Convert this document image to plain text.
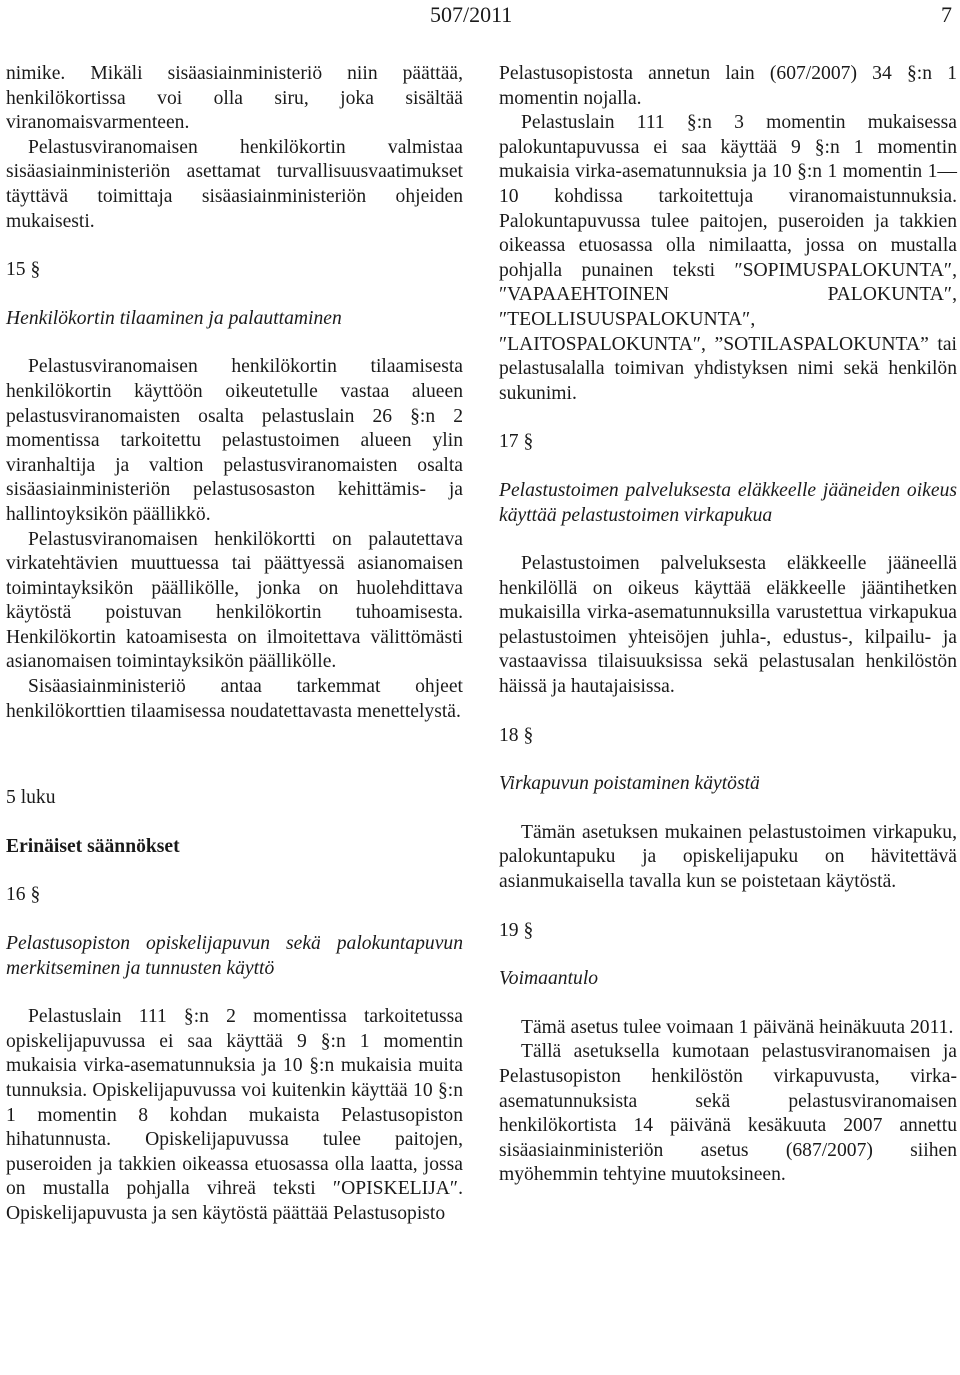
507/2011	7

nimike. Mikäli sisäasiainministeriö niin päättää, henkilökortissa voi olla siru, joka sisältää viranomaisvarmenteen.

Pelastusviranomaisen henkilökortin valmistaa sisäasiainministeriön asettamat turvallisuusvaatimukset täyttävä toimittaja sisäasiainministeriön ohjeiden mukaisesti.

15 §

Henkilökortin tilaaminen ja palauttaminen

Pelastusviranomaisen henkilökortin tilaamisesta henkilökortin käyttöön oikeutetulle vastaa alueen pelastusviranomaisten osalta pelastuslain 26 §:n 2 momentissa tarkoitettu pelastustoimen alueen ylin viranhaltija ja valtion pelastusviranomaisten osalta sisäasiainministeriön pelastusosaston kehittämis- ja hallintoyksikön päällikkö.

Pelastusviranomaisen henkilökortti on palautettava virkatehtävien muuttuessa tai päättyessä asianomaisen toimintayksikön päällikölle, jonka on huolehdittava käytöstä poistuvan henkilökortin tuhoamisesta. Henkilökortin katoamisesta on ilmoitettava välittömästi asianomaisen toimintayksikön päällikölle.

Sisäasiainministeriö antaa tarkemmat ohjeet henkilökorttien tilaamisessa noudatettavasta menettelystä.

5 luku

Erinäiset säännökset

16 §

Pelastusopiston opiskelijapuvun sekä palokuntapuvun merkitseminen ja tunnusten käyttö

Pelastuslain 111 §:n 2 momentissa tarkoitetussa opiskelijapuvussa ei saa käyttää 9 §:n 1 momentin mukaisia virka-asematunnuksia ja 10 §:n mukaisia muita tunnuksia. Opiskelijapuvussa voi kuitenkin käyttää 10 §:n 1 momentin 8 kohdan mukaista Pelastusopiston hihatunnusta. Opiskelijapuvussa tulee paitojen, puseroiden ja takkien oikeassa etuosassa olla laatta, jossa on mustalla pohjalla vihreä teksti ″OPISKELIJA″. Opiskelijapuvusta ja sen käytöstä päättää Pelastusopisto

Pelastusopistosta annetun lain (607/2007) 34 §:n 1 momentin nojalla.

Pelastuslain 111 §:n 3 momentin mukaisessa palokuntapuvussa ei saa käyttää 9 §:n 1 momentin mukaisia virka-asematunnuksia ja 10 §:n 1 momentin 1—10 kohdissa tarkoitettuja viranomaistunnuksia. Palokuntapuvussa tulee paitojen, puseroiden ja takkien oikeassa etuosassa olla nimilaatta, jossa on mustalla pohjalla punainen teksti ″SOPIMUSPALOKUNTA″, ″VAPAAEHTOINEN PALOKUNTA″, ″TEOLLISUUSPALOKUNTA″, ″LAITOSPALOKUNTA″, ”SOTILASPALOKUNTA” tai pelastusalalla toimivan yhdistyksen nimi sekä henkilön sukunimi.

17 §

Pelastustoimen palveluksesta eläkkeelle jääneiden oikeus käyttää pelastustoimen virkapukua

Pelastustoimen palveluksesta eläkkeelle jääneellä henkilöllä on oikeus käyttää eläkkeelle jääntihetken mukaisilla virka-asematunnuksilla varustettua virkapukua pelastustoimen yhteisöjen juhla-, edustus-, kilpailu- ja vastaavissa tilaisuuksissa sekä pelastusalan henkilöstön häissä ja hautajaisissa.

18 §

Virkapuvun poistaminen käytöstä

Tämän asetuksen mukainen pelastustoimen virkapuku, palokuntapuku ja opiskelijapuku on hävitettävä asianmukaisella tavalla kun se poistetaan käytöstä.

19 §

Voimaantulo

Tämä asetus tulee voimaan 1 päivänä heinäkuuta 2011.

Tällä asetuksella kumotaan pelastusviranomaisen ja Pelastusopiston henkilöstön virkapuvusta, virka-asematunnuksista sekä pelastusviranomaisen henkilökortista 14 päivänä kesäkuuta 2007 annettu sisäasiainministeriön asetus (687/2007) siihen myöhemmin tehtyine muutoksineen.
